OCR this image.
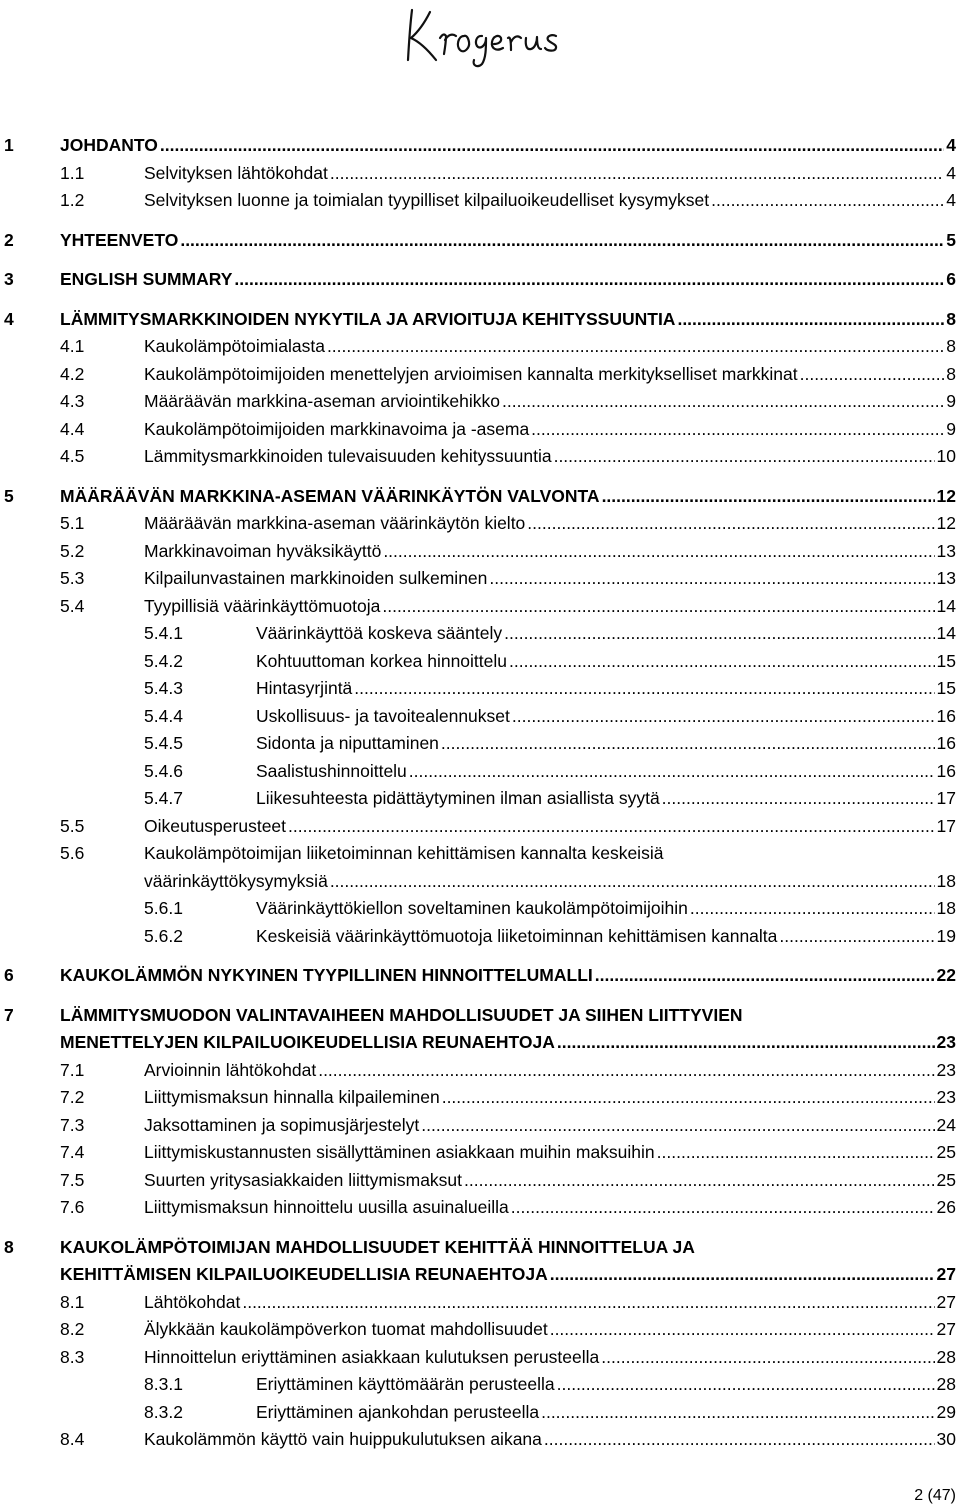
1	JOHDANTO .....	4
1.1	Selvityksen lähtökohdat .....	4
1.2	Selvityksen luonne ja toimialan tyypilliset kilpailuoikeudelliset kysymykset .....	4
2	YHTEENVETO .....	5
3	ENGLISH SUMMARY .....	6
4	LÄMMITYSMARKKINOIDEN NYKYTILA JA ARVIOITUJA KEHITYSSUUNTIA .....	8
4.1	Kaukolämpötoimialasta .....	8
4.2	Kaukolämpötoimijoiden menettelyjen arvioimisen kannalta merkitykselliset markkinat .....	8
4.3	Määräävän markkina-aseman arviointikehikko .....	9
4.4	Kaukolämpötoimijoiden markkinavoima ja -asema .....	9
4.5	Lämmitysmarkkinoiden tulevaisuuden kehityssuuntia .....	10
5	MÄÄRÄÄVÄN MARKKINA-ASEMAN VÄÄRINKÄYTÖN VALVONTA .....	12
5.1	Määräävän markkina-aseman väärinkäytön kielto .....	12
5.2	Markkinavoiman hyväksikäyttö .....	13
5.3	Kilpailunvastainen markkinoiden sulkeminen .....	13
5.4	Tyypillisiä väärinkäyttömuotoja .....	14
5.4.1	Väärinkäyttöä koskeva sääntely .....	14
5.4.2	Kohtuuttoman korkea hinnoittelu .....	15
5.4.3	Hintasyrjintä .....	15
5.4.4	Uskollisuus- ja tavoitealennukset .....	16
5.4.5	Sidonta ja niputtaminen .....	16
5.4.6	Saalistushinnoittelu .....	16
5.4.7	Liikesuhteesta pidättäytyminen ilman asiallista syytä .....	17
5.5	Oikeutusperusteet .....	17
5.6	Kaukolämpötoimijan liiketoiminnan kehittämisen kannalta keskeisiä
väärinkäyttökysymyksiä .....	18
5.6.1	Väärinkäyttökiellon soveltaminen kaukolämpötoimijoihin .....	18
5.6.2	Keskeisiä väärinkäyttömuotoja liiketoiminnan kehittämisen kannalta .....	19
6	KAUKOLÄMMÖN NYKYINEN TYYPILLINEN HINNOITTELUMALLI .....	22
7	LÄMMITYSMUODON VALINTAVAIHEEN MAHDOLLISUUDET JA SIIHEN LIITTYVIEN
MENETTELYJEN KILPAILUOIKEUDELLISIA REUNAEHTOJA .....	23
7.1	Arvioinnin lähtökohdat .....	23
7.2	Liittymismaksun hinnalla kilpaileminen .....	23
7.3	Jaksottaminen ja sopimusjärjestelyt .....	24
7.4	Liittymiskustannusten sisällyttäminen asiakkaan muihin maksuihin .....	25
7.5	Suurten yritysasiakkaiden liittymismaksut .....	25
7.6	Liittymismaksun hinnoittelu uusilla asuinalueilla .....	26
8	KAUKOLÄMPÖTOIMIJAN MAHDOLLISUUDET KEHITTÄÄ HINNOITTELUA JA
KEHITTÄMISEN KILPAILUOIKEUDELLISIA REUNAEHTOJA .....	27
8.1	Lähtökohdat .....	27
8.2	Älykkään kaukolämpöverkon tuomat mahdollisuudet .....	27
8.3	Hinnoittelun eriyttäminen asiakkaan kulutuksen perusteella .....	28
8.3.1	Eriyttäminen käyttömäärän perusteella .....	28
8.3.2	Eriyttäminen ajankohdan perusteella .....	29
8.4	Kaukolämmön käyttö vain huippukulutuksen aikana .....	30
2 (47)
